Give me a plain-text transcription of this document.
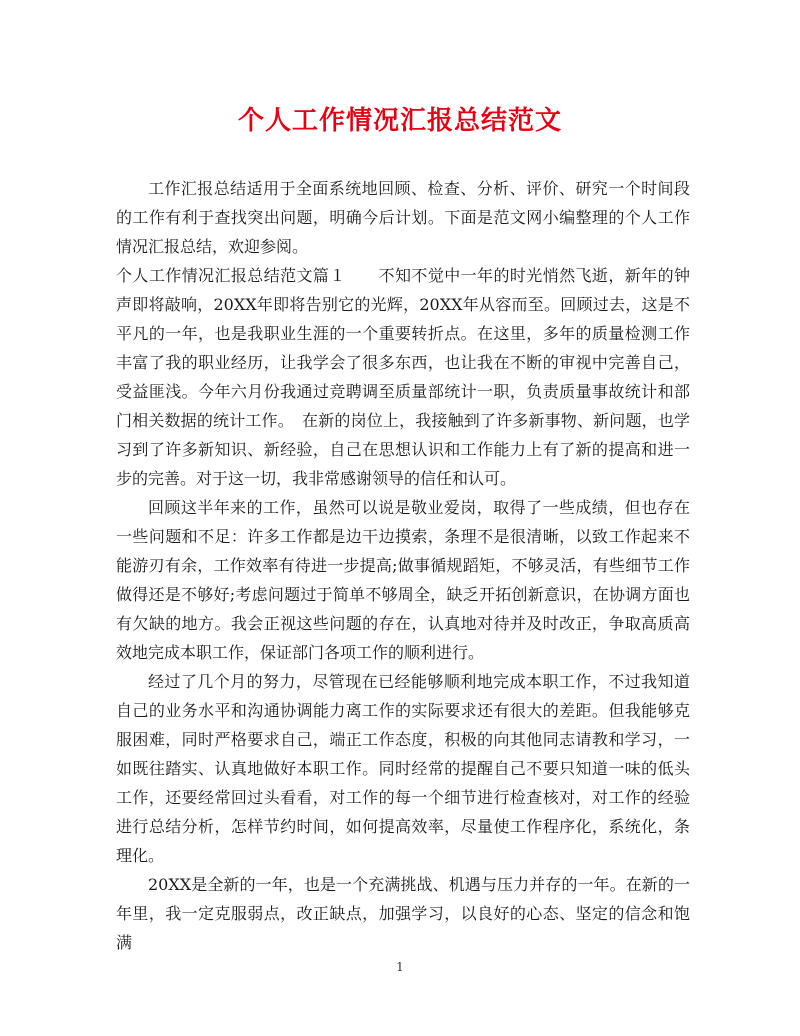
个人工作情况汇报总结范文

工作汇报总结适用于全面系统地回顾、检查、分析、评价、研究一个时间段的工作有利于查找突出问题，明确今后计划。下面是范文网小编整理的个人工作情况汇报总结，欢迎参阅。

个人工作情况汇报总结范文篇１　　不知不觉中一年的时光悄然飞逝，新年的钟声即将敲响，20XX年即将告别它的光辉，20XX年从容而至。回顾过去，这是不平凡的一年，也是我职业生涯的一个重要转折点。在这里，多年的质量检测工作丰富了我的职业经历，让我学会了很多东西，也让我在不断的审视中完善自己，受益匪浅。今年六月份我通过竞聘调至质量部统计一职，负责质量事故统计和部门相关数据的统计工作。　在新的岗位上，我接触到了许多新事物、新问题，也学习到了许多新知识、新经验，自己在思想认识和工作能力上有了新的提高和进一步的完善。对于这一切，我非常感谢领导的信任和认可。

回顾这半年来的工作，虽然可以说是敬业爱岗，取得了一些成绩，但也存在一些问题和不足：许多工作都是边干边摸索，条理不是很清晰，以致工作起来不能游刃有余，工作效率有待进一步提高;做事循规蹈矩，不够灵活，有些细节工作做得还是不够好;考虑问题过于简单不够周全，缺乏开拓创新意识，在协调方面也有欠缺的地方。我会正视这些问题的存在，认真地对待并及时改正，争取高质高效地完成本职工作，保证部门各项工作的顺利进行。

经过了几个月的努力，尽管现在已经能够顺利地完成本职工作，不过我知道自己的业务水平和沟通协调能力离工作的实际要求还有很大的差距。但我能够克服困难，同时严格要求自己，端正工作态度，积极的向其他同志请教和学习，一如既往踏实、认真地做好本职工作。同时经常的提醒自己不要只知道一味的低头工作，还要经常回过头看看，对工作的每一个细节进行检查核对，对工作的经验进行总结分析，怎样节约时间，如何提高效率，尽量使工作程序化，系统化，条理化。

20XX是全新的一年，也是一个充满挑战、机遇与压力并存的一年。在新的一年里，我一定克服弱点，改正缺点，加强学习，以良好的心态、坚定的信念和饱满

1
